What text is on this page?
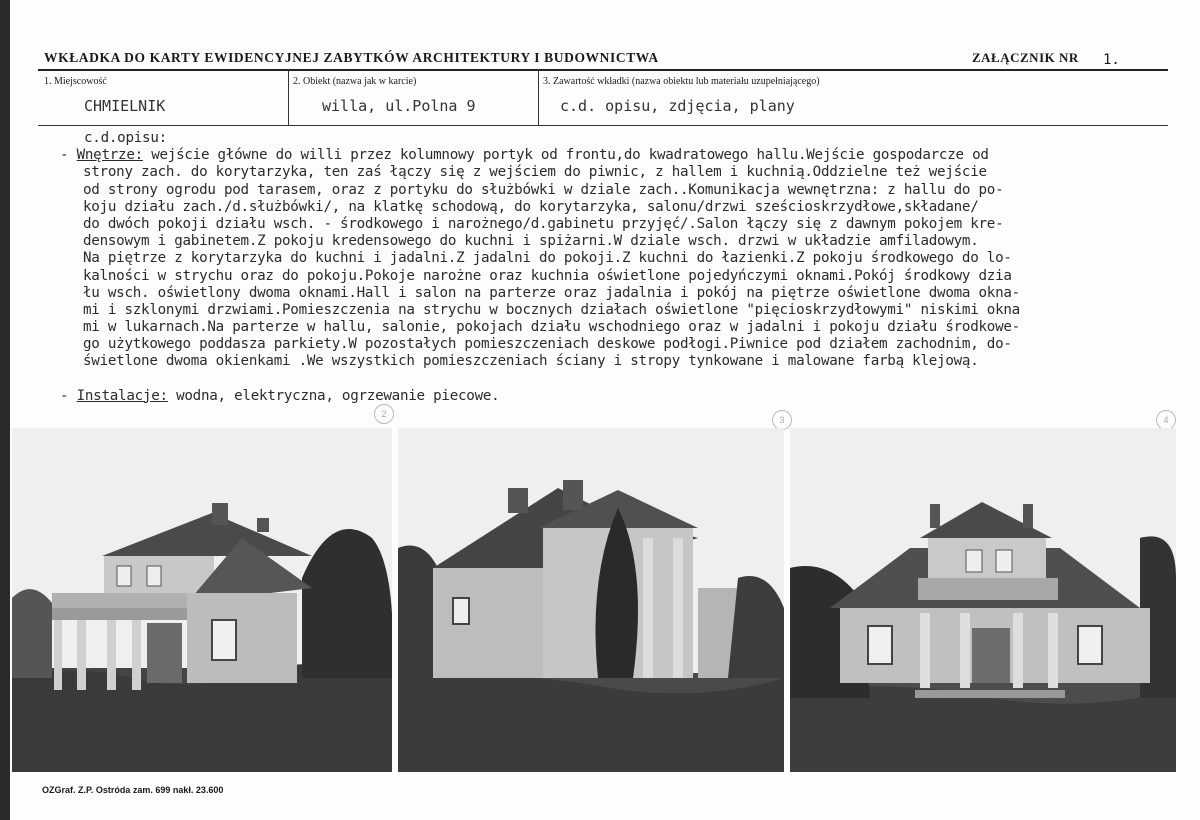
WKŁADKA DO KARTY EWIDENCYJNEJ ZABYTKÓW ARCHITEKTURY I BUDOWNICTWA	ZAŁĄCZNIK NR 1.
1. Miejscowość	2. Obiekt (nazwa jak w karcie)	3. Zawartość wkładki (nazwa obiektu lub materiału uzupełniającego)
CHMIELNIK	willa, ul.Polna 9	c.d. opisu, zdjęcia, plany
c.d.opisu:
- Wnętrze: wejście główne do willi przez kolumnowy portyk od frontu,do kwadratowego hallu.Wejście gospodarcze od
strony zach. do korytarzyka, ten zaś łączy się z wejściem do piwnic, z hallem i kuchnią.Oddzielne też wejście
od strony ogrodu pod tarasem, oraz z portyku do służbówki w dziale zach..Komunikacja wewnętrzna: z hallu do po-
koju działu zach./d.służbówki/, na klatkę schodową, do korytarzyka, salonu/drzwi sześcioskrzydłowe,składane/
do dwóch pokoji działu wsch. - środkowego i narożnego/d.gabinetu przyjęć/.Salon łączy się z dawnym pokojem kre-
densowym i gabinetem.Z pokoju kredensowego do kuchni i spiżarni.W dziale wsch. drzwi w układzie amfiladowym.
Na piętrze z korytarzyka do kuchni i jadalni.Z jadalni do pokoji.Z kuchni do łazienki.Z pokoju środkowego do lo-
kalności w strychu oraz do pokoju.Pokoje narożne oraz kuchnia oświetlone pojedyńczymi oknami.Pokój środkowy dzia
łu wsch. oświetlony dwoma oknami.Hall i salon na parterze oraz jadalnia i pokój na piętrze oświetlone dwoma okna-
mi i szklonymi drzwiami.Pomieszczenia na strychu w bocznych działach oświetlone "pięcioskrzydłowymi" niskimi okna
mi w lukarnach.Na parterze w hallu, salonie, pokojach działu wschodniego oraz w jadalni i pokoju działu środkowe-
go użytkowego poddasza parkiety.W pozostałych pomieszczeniach deskowe podłogi.Piwnice pod działem zachodnim, do-
świetlone dwoma okienkami .We wszystkich pomieszczeniach ściany i stropy tynkowane i malowane farbą klejową.
- Instalacje: wodna, elektryczna, ogrzewanie piecowe.
2
3	4
OZGraf. Z.P. Ostróda zam. 699 nakł. 23.600
